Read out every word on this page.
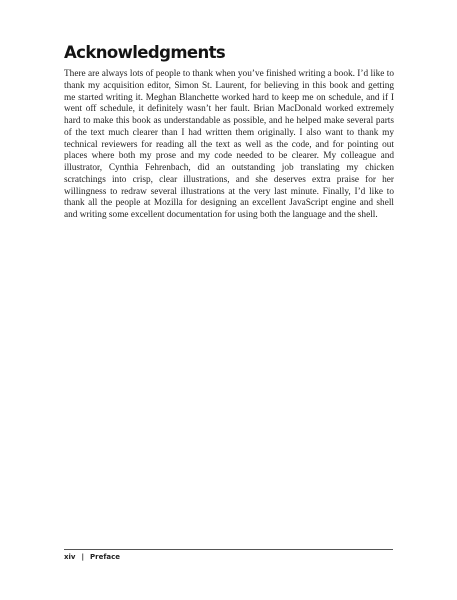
Acknowledgments

There are always lots of people to thank when you’ve finished writing a book. I’d like to thank my acquisition editor, Simon St. Laurent, for believing in this book and getting me started writing it. Meghan Blanchette worked hard to keep me on schedule, and if I went off schedule, it definitely wasn’t her fault. Brian MacDonald worked extremely hard to make this book as understandable as possible, and he helped make several parts of the text much clearer than I had written them originally. I also want to thank my technical reviewers for reading all the text as well as the code, and for pointing out places where both my prose and my code needed to be clearer. My colleague and illustrator, Cynthia Fehrenbach, did an outstanding job translating my chicken scratchings into crisp, clear illustrations, and she deserves extra praise for her willingness to redraw several illustrations at the very last minute. Finally, I’d like to thank all the people at Mozilla for designing an excellent JavaScript engine and shell and writing some excellent documentation for using both the language and the shell.

xiv | Preface
